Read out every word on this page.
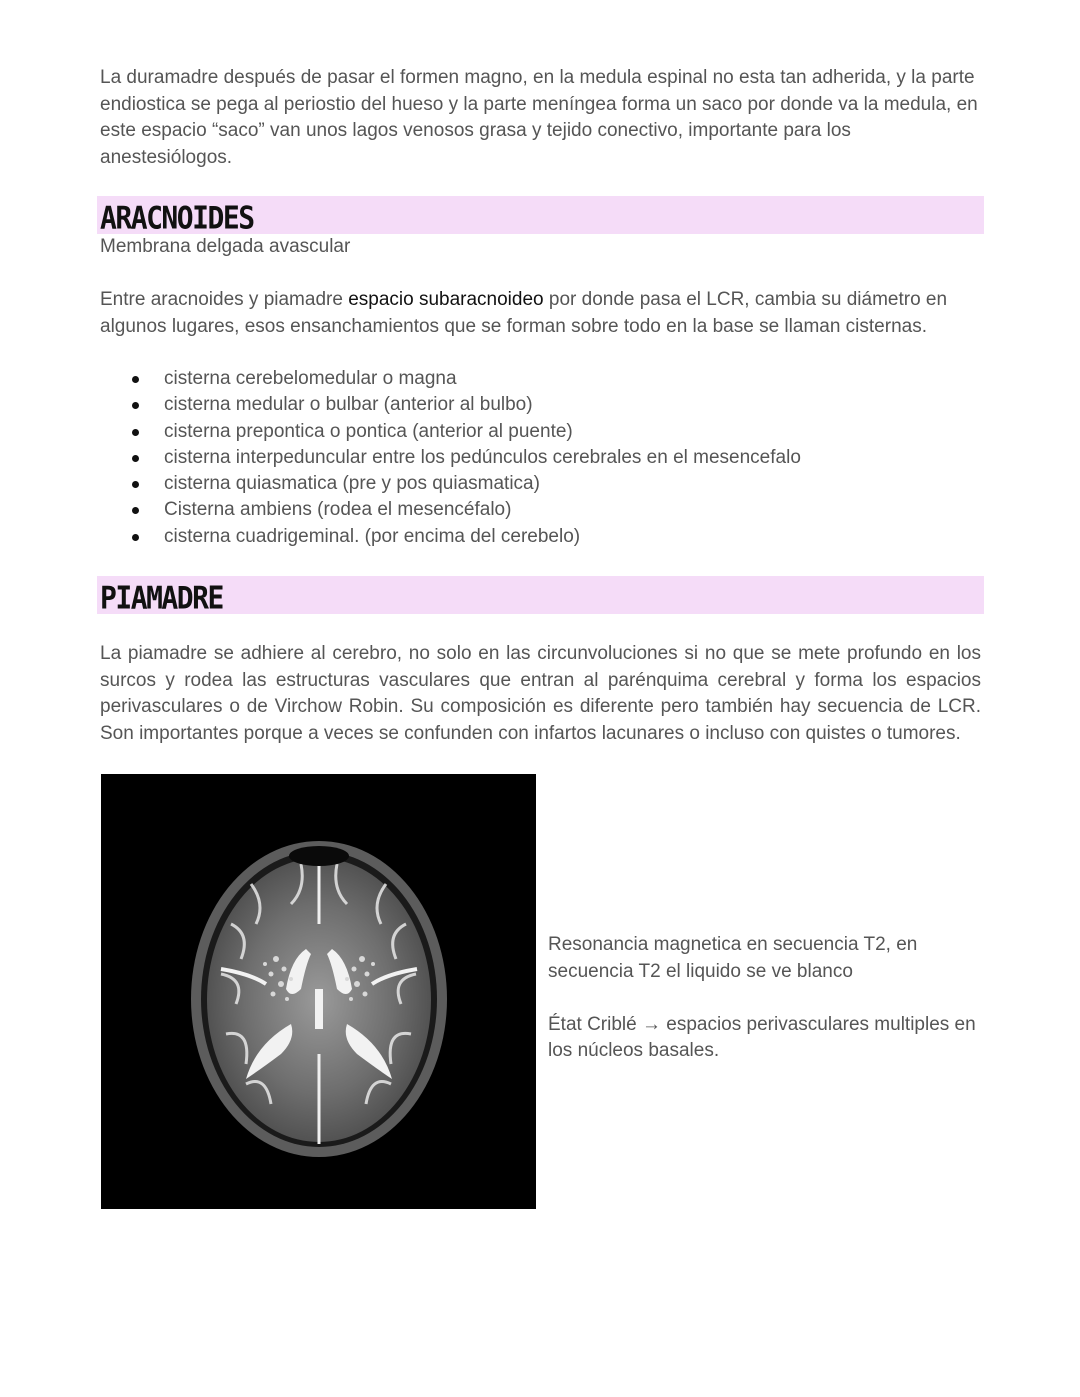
La duramadre después de pasar el formen magno, en la medula espinal no esta tan adherida, y la parte endiostica se pega al periostio del hueso y la parte meníngea forma un saco por donde va la medula, en este espacio “saco” van unos lagos venosos grasa y tejido conectivo, importante para los anestesiólogos.

ARACNOIDES

Membrana delgada avascular

Entre aracnoides y piamadre espacio subaracnoideo por donde pasa el LCR, cambia su diámetro en algunos lugares, esos ensanchamientos que se forman sobre todo en la base se llaman cisternas.

cisterna cerebelomedular o magna
cisterna medular o bulbar (anterior al bulbo)
cisterna prepontica o pontica (anterior al puente)
cisterna interpeduncular entre los pedúnculos cerebrales en el mesencefalo
cisterna quiasmatica (pre y pos quiasmatica)
Cisterna ambiens (rodea el mesencéfalo)
cisterna cuadrigeminal. (por encima del cerebelo)
PIAMADRE

La piamadre se adhiere al cerebro, no solo en las circunvoluciones si no que se mete profundo en los surcos y rodea las estructuras vasculares que entran al parénquima cerebral y forma los espacios perivasculares o de Virchow Robin. Su composición es diferente pero también hay secuencia de LCR. Son importantes porque a veces se confunden con infartos lacunares o incluso con quistes o tumores.

Resonancia magnetica en secuencia T2, en secuencia T2 el liquido se ve blanco

État Criblé → espacios perivasculares multiples en los núcleos basales.
